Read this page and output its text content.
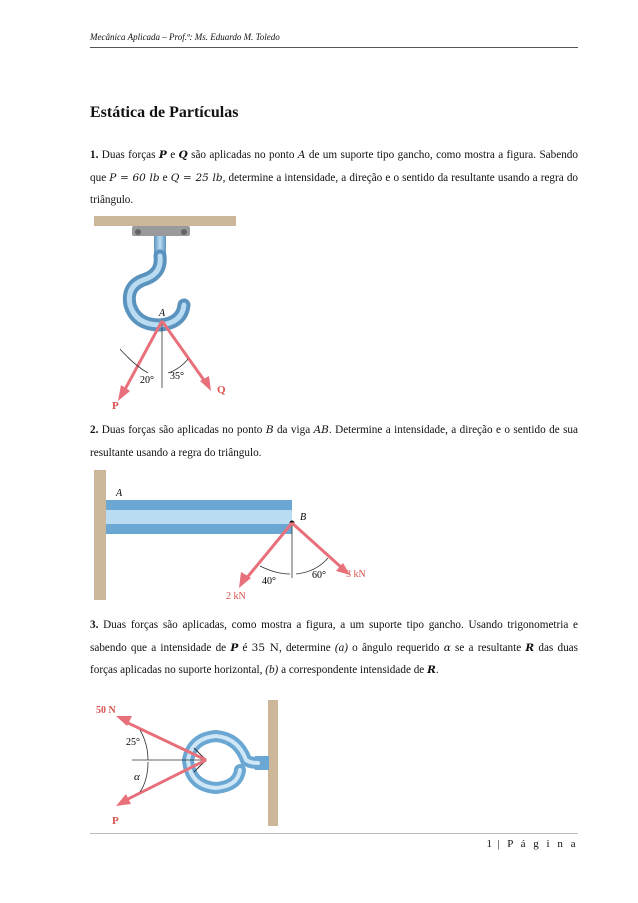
Mecânica Aplicada – Prof.ª: Ms. Eduardo M. Toledo
Estática de Partículas

1. Duas forças P e Q são aplicadas no ponto A de um suporte tipo gancho, como mostra a figura. Sabendo que P = 60 lb e Q = 25 lb, determine a intensidade, a direção e o sentido da resultante usando a regra do triângulo.

A
P
Q
20° 35°

2. Duas forças são aplicadas no ponto B da viga AB. Determine a intensidade, a direção e o sentido de sua resultante usando a regra do triângulo.

A
B
2 kN
3 kN
40°
60°

3. Duas forças são aplicadas, como mostra a figura, a um suporte tipo gancho. Usando trigonometria e sabendo que a intensidade de P é 35 N, determine (a) o ângulo requerido α se a resultante R das duas forças aplicadas no suporte horizontal, (b) a correspondente intensidade de R.

50 N
P
25°
α
1 | P á g i n a
